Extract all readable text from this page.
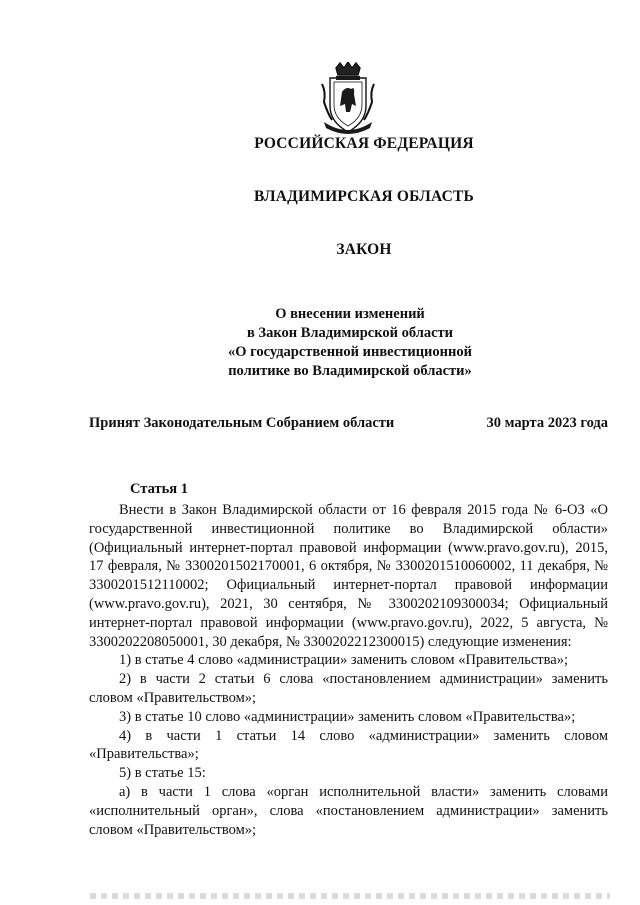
РОССИЙСКАЯ ФЕДЕРАЦИЯ
ВЛАДИМИРСКАЯ ОБЛАСТЬ
ЗАКОН
О внесении изменений
в Закон Владимирской области
«О государственной инвестиционной
политике во Владимирской области»
Принят Законодательным Собранием области	30 марта 2023 года
Статья 1

Внести в Закон Владимирской области от 16 февраля 2015 года № 6-ОЗ «О государственной инвестиционной политике во Владимирской области» (Официальный интернет-портал правовой информации (www.pravo.gov.ru), 2015, 17 февраля, № 3300201502170001, 6 октября, № 3300201510060002, 11 декабря, № 3300201512110002; Официальный интернет-портал правовой информации (www.pravo.gov.ru), 2021, 30 сентября, № 3300202109300034; Официальный интернет-портал правовой информации (www.pravo.gov.ru), 2022, 5 августа, № 3300202208050001, 30 декабря, № 3300202212300015) следующие изменения:

1) в статье 4 слово «администрации» заменить словом «Правительства»;

2) в части 2 статьи 6 слова «постановлением администрации» заменить словом «Правительством»;

3) в статье 10 слово «администрации» заменить словом «Правительства»;

4) в части 1 статьи 14 слово «администрации» заменить словом «Правительства»;

5) в статье 15:

а) в части 1 слова «орган исполнительной власти» заменить словами «исполнительный орган», слова «постановлением администрации» заменить словом «Правительством»;
